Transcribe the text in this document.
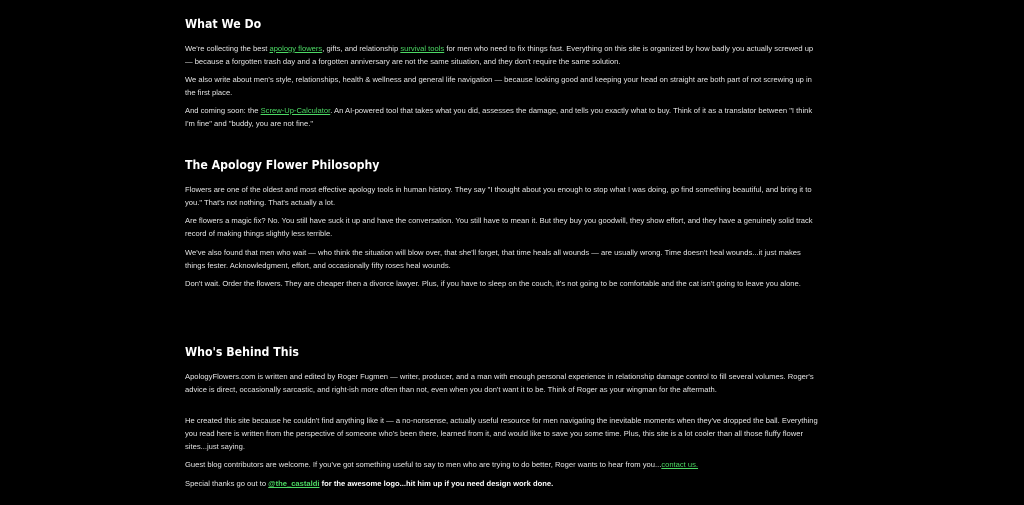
What We Do

We're collecting the best apology flowers, gifts, and relationship survival tools for men who need to fix things fast. Everything on this site is organized by how badly you actually screwed up — because a forgotten trash day and a forgotten anniversary are not the same situation, and they don't require the same solution.

We also write about men's style, relationships, health & wellness and general life navigation — because looking good and keeping your head on straight are both part of not screwing up in the first place.

And coming soon: the Screw-Up-Calculator. An AI-powered tool that takes what you did, assesses the damage, and tells you exactly what to buy. Think of it as a translator between "I think I'm fine" and "buddy, you are not fine."

The Apology Flower Philosophy

Flowers are one of the oldest and most effective apology tools in human history. They say "I thought about you enough to stop what I was doing, go find something beautiful, and bring it to you." That's not nothing. That's actually a lot.

Are flowers a magic fix? No. You still have suck it up and have the conversation. You still have to mean it. But they buy you goodwill, they show effort, and they have a genuinely solid track record of making things slightly less terrible.

We've also found that men who wait — who think the situation will blow over, that she'll forget, that time heals all wounds — are usually wrong. Time doesn't heal wounds...it just makes things fester. Acknowledgment, effort, and occasionally fifty roses heal wounds.

Don't wait. Order the flowers. They are cheaper then a divorce lawyer. Plus, if you have to sleep on the couch, it's not going to be comfortable and the cat isn't going to leave you alone.

Who's Behind This

ApologyFlowers.com is written and edited by Roger Fugmen — writer, producer, and a man with enough personal experience in relationship damage control to fill several volumes. Roger's advice is direct, occasionally sarcastic, and right-ish more often than not, even when you don't want it to be. Think of Roger as your wingman for the aftermath.

He created this site because he couldn't find anything like it — a no-nonsense, actually useful resource for men navigating the inevitable moments when they've dropped the ball. Everything you read here is written from the perspective of someone who's been there, learned from it, and would like to save you some time. Plus, this site is a lot cooler than all those fluffy flower sites...just saying.

Guest blog contributors are welcome. If you've got something useful to say to men who are trying to do better, Roger wants to hear from you...contact us.

Special thanks go out to @the_castaldi for the awesome logo...hit him up if you need design work done.
